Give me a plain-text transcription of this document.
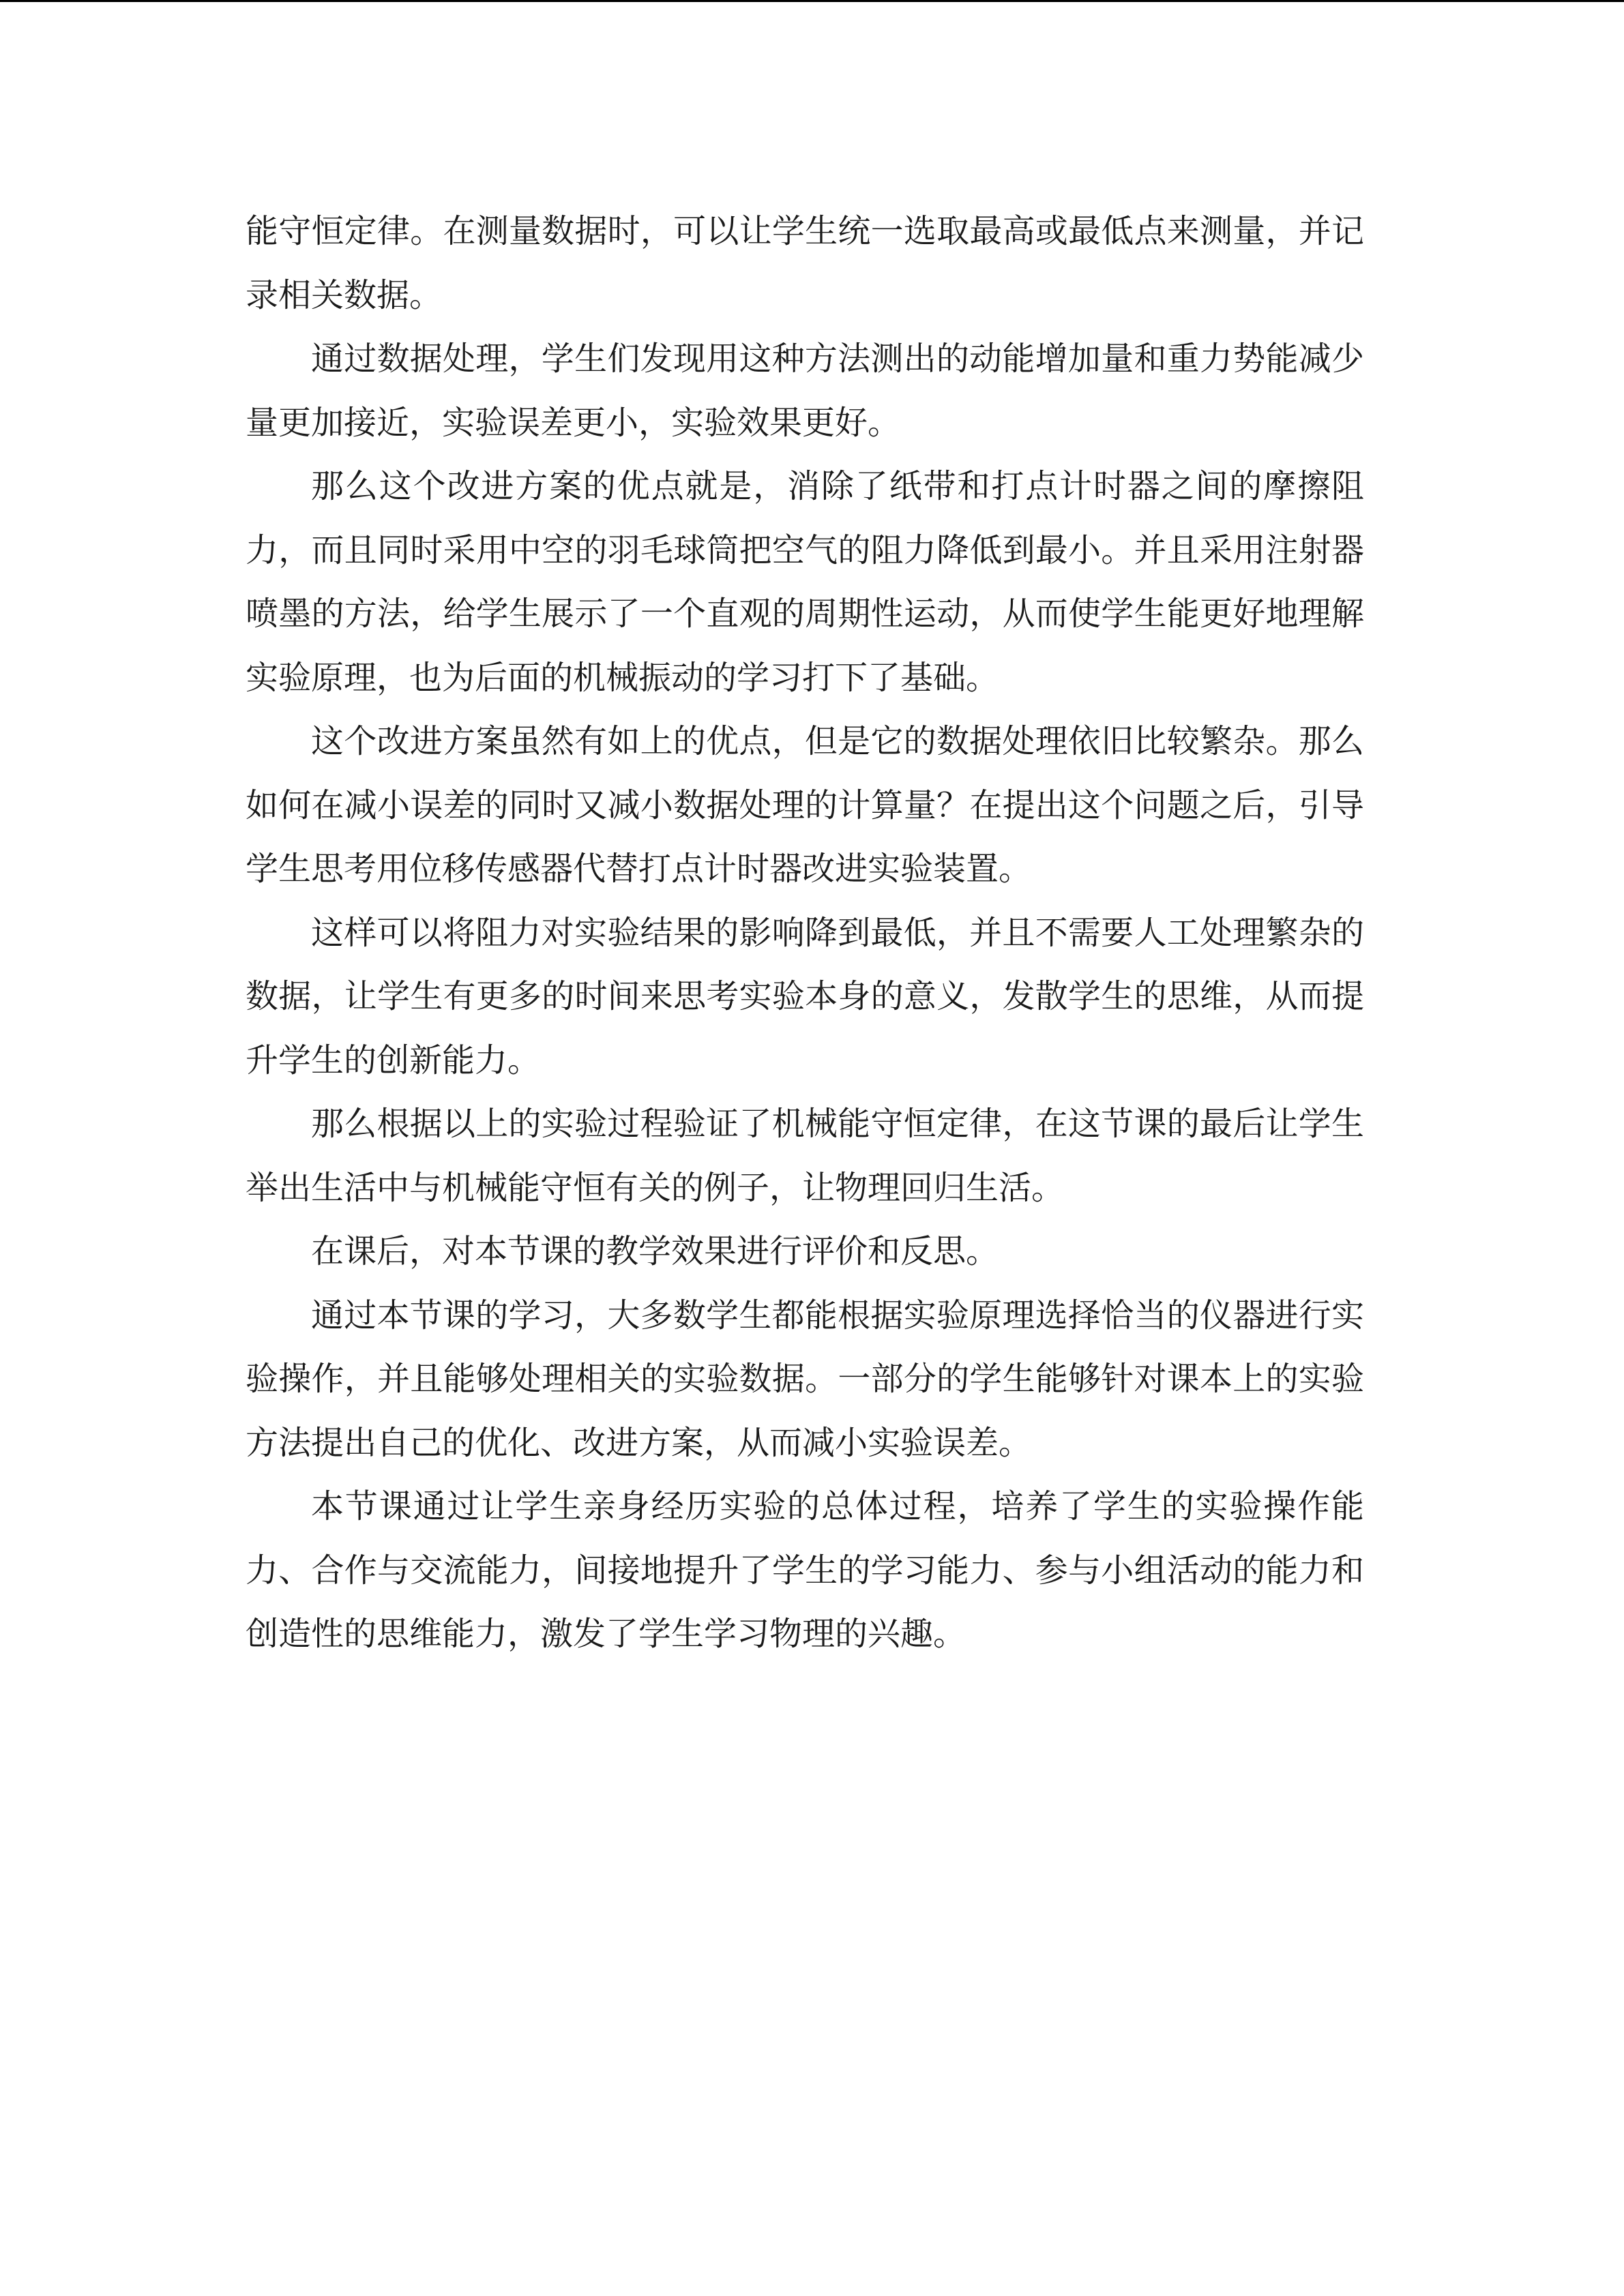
能守恒定律。在测量数据时，可以让学生统一选取最高或最低点来测量，并记录相关数据。

通过数据处理，学生们发现用这种方法测出的动能增加量和重力势能减少量更加接近，实验误差更小，实验效果更好。

那么这个改进方案的优点就是，消除了纸带和打点计时器之间的摩擦阻力，而且同时采用中空的羽毛球筒把空气的阻力降低到最小。并且采用注射器喷墨的方法，给学生展示了一个直观的周期性运动，从而使学生能更好地理解实验原理，也为后面的机械振动的学习打下了基础。

这个改进方案虽然有如上的优点，但是它的数据处理依旧比较繁杂。那么如何在减小误差的同时又减小数据处理的计算量？在提出这个问题之后，引导学生思考用位移传感器代替打点计时器改进实验装置。

这样可以将阻力对实验结果的影响降到最低，并且不需要人工处理繁杂的数据，让学生有更多的时间来思考实验本身的意义，发散学生的思维，从而提升学生的创新能力。

那么根据以上的实验过程验证了机械能守恒定律，在这节课的最后让学生举出生活中与机械能守恒有关的例子，让物理回归生活。

在课后，对本节课的教学效果进行评价和反思。

通过本节课的学习，大多数学生都能根据实验原理选择恰当的仪器进行实验操作，并且能够处理相关的实验数据。一部分的学生能够针对课本上的实验方法提出自己的优化、改进方案，从而减小实验误差。

本节课通过让学生亲身经历实验的总体过程，培养了学生的实验操作能力、合作与交流能力，间接地提升了学生的学习能力、参与小组活动的能力和创造性的思维能力，激发了学生学习物理的兴趣。
